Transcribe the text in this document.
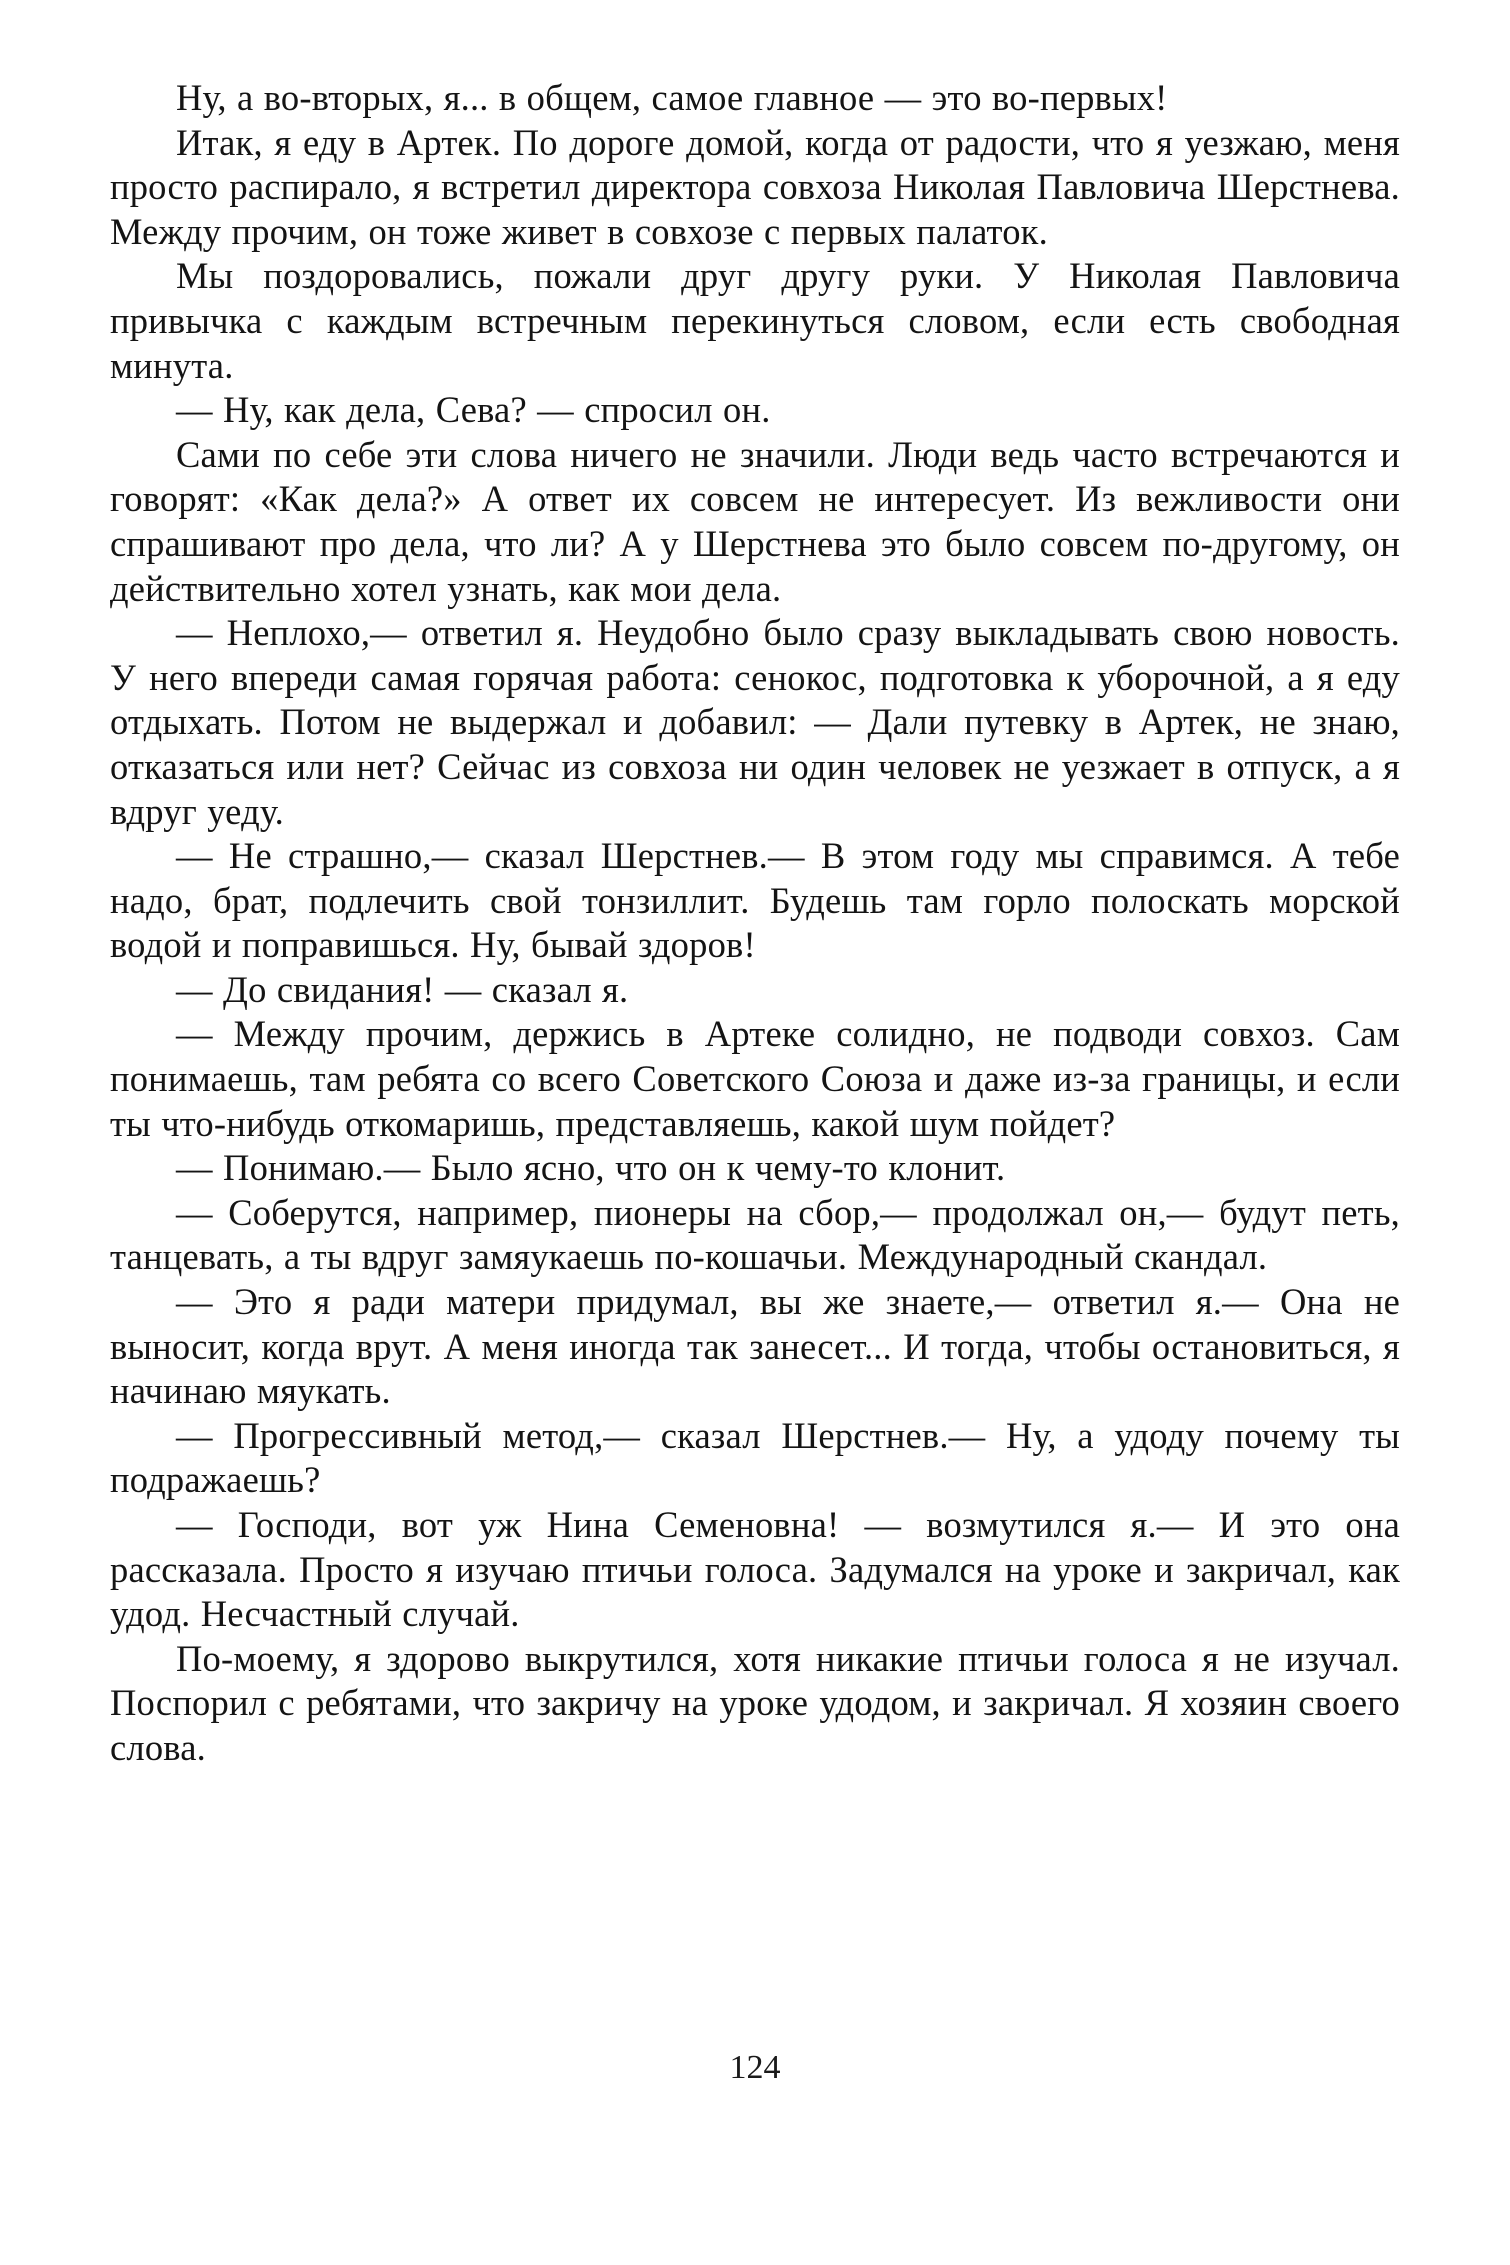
Ну, а во-вторых, я... в общем, самое главное — это во-первых!

Итак, я еду в Артек. По дороге домой, когда от радости, что я уезжаю, меня просто распирало, я встретил директора совхоза Николая Павловича Шерстнева. Между прочим, он тоже живет в совхозе с первых палаток.

Мы поздоровались, пожали друг другу руки. У Николая Павловича привычка с каждым встречным перекинуться словом, если есть свободная минута.

— Ну, как дела, Сева? — спросил он.

Сами по себе эти слова ничего не значили. Люди ведь часто встречаются и говорят: «Как дела?» А ответ их совсем не интересует. Из вежливости они спрашивают про дела, что ли? А у Шерстнева это было совсем по-другому, он действительно хотел узнать, как мои дела.

— Неплохо,— ответил я. Неудобно было сразу выкладывать свою новость. У него впереди самая горячая работа: сенокос, подготовка к уборочной, а я еду отдыхать. Потом не выдержал и добавил: — Дали путевку в Артек, не знаю, отказаться или нет? Сейчас из совхоза ни один человек не уезжает в отпуск, а я вдруг уеду.

— Не страшно,— сказал Шерстнев.— В этом году мы справимся. А тебе надо, брат, подлечить свой тонзиллит. Будешь там горло полоскать морской водой и поправишься. Ну, бывай здоров!

— До свидания! — сказал я.

— Между прочим, держись в Артеке солидно, не подводи совхоз. Сам понимаешь, там ребята со всего Советского Союза и даже из-за границы, и если ты что-нибудь откомаришь, представляешь, какой шум пойдет?

— Понимаю.— Было ясно, что он к чему-то клонит.

— Соберутся, например, пионеры на сбор,— продолжал он,— будут петь, танцевать, а ты вдруг замяукаешь по-кошачьи. Международный скандал.

— Это я ради матери придумал, вы же знаете,— ответил я.— Она не выносит, когда врут. А меня иногда так занесет... И тогда, чтобы остановиться, я начинаю мяукать.

— Прогрессивный метод,— сказал Шерстнев.— Ну, а удоду почему ты подражаешь?

— Господи, вот уж Нина Семеновна! — возмутился я.— И это она рассказала. Просто я изучаю птичьи голоса. Задумался на уроке и закричал, как удод. Несчастный случай.

По-моему, я здорово выкрутился, хотя никакие птичьи голоса я не изучал. Поспорил с ребятами, что закричу на уроке удодом, и закричал. Я хозяин своего слова.

124
